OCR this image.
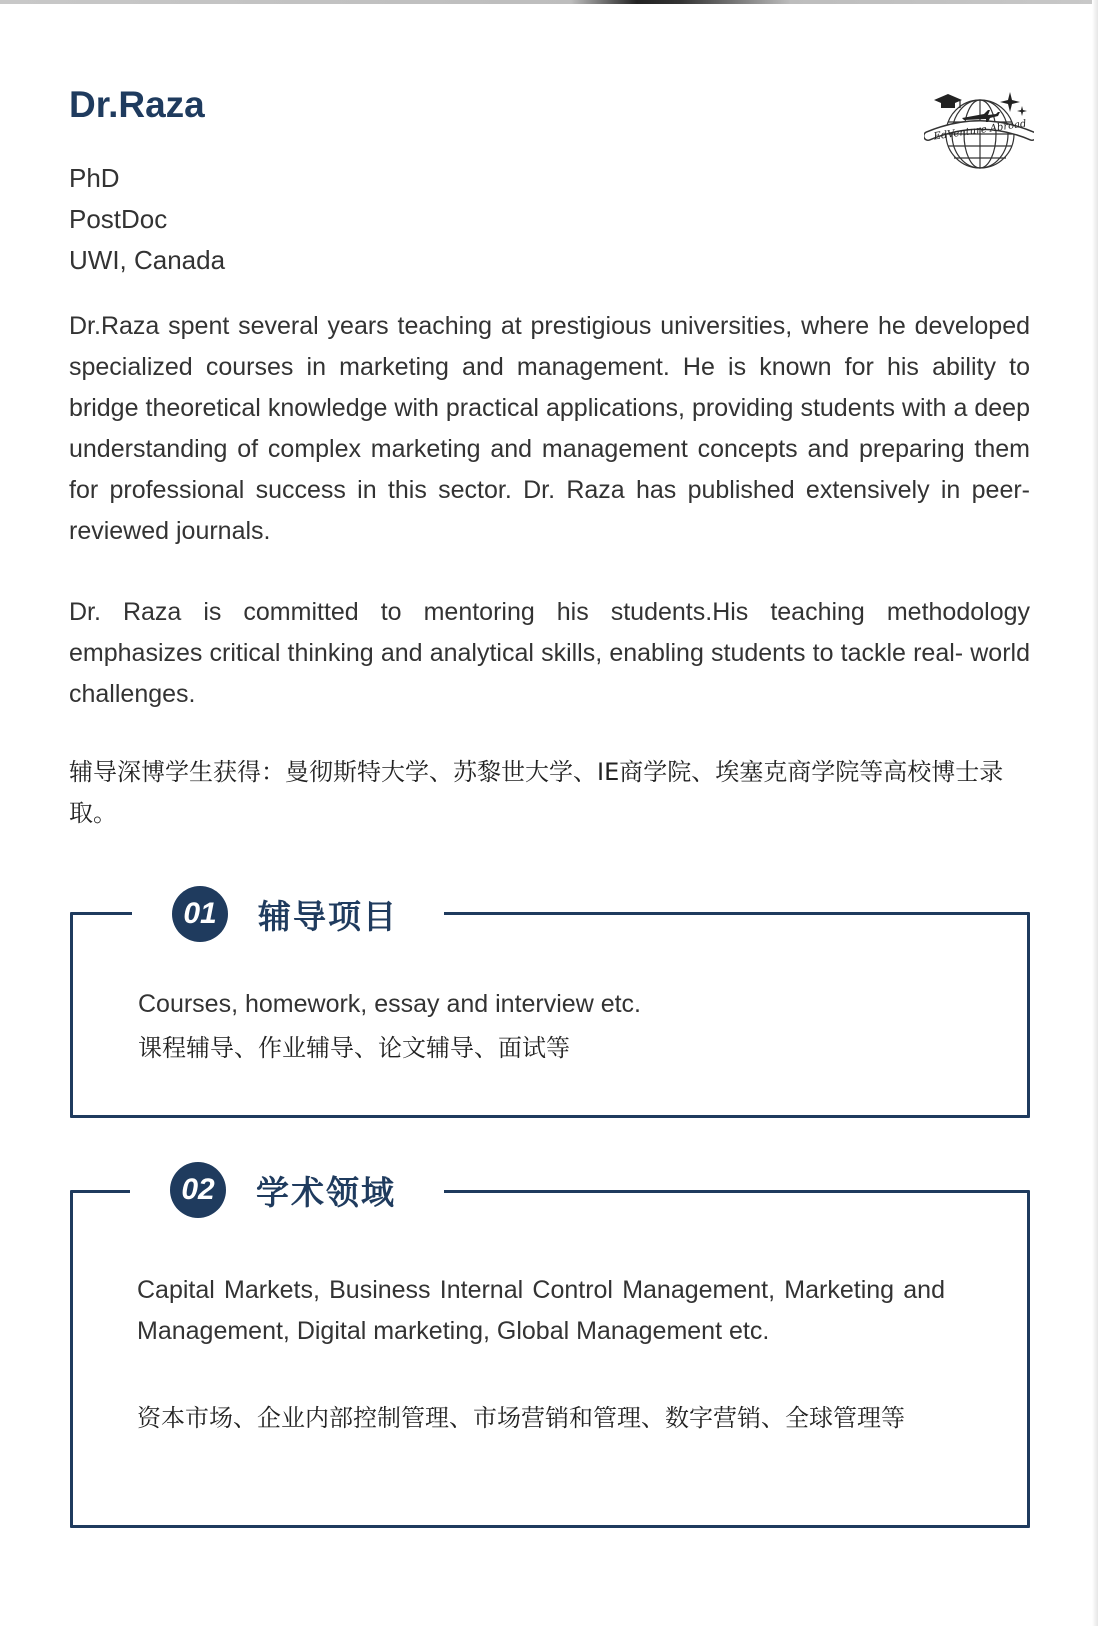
Dr.Raza
PhD
PostDoc
UWI, Canada
EdVenture Abroad
Dr.Raza spent several years teaching at prestigious universities, where he developed specialized courses in marketing and management. He is known for his ability to bridge theoretical knowledge with practical applications, providing students with a deep understanding of complex marketing and management concepts and preparing them for professional success in this sector. Dr. Raza has published extensively in peer-reviewed journals.
Dr. Raza is committed to mentoring his students.His teaching methodology emphasizes critical thinking and analytical skills, enabling students to tackle real- world challenges.
辅导深博学生获得：曼彻斯特大学、苏黎世大学、IE商学院、埃塞克商学院等高校博士录取。
01	辅导项目
Courses, homework, essay and interview etc.
课程辅导、作业辅导、论文辅导、面试等
02	学术领域
Capital Markets, Business Internal Control Management, Marketing and Management, Digital marketing, Global Management etc.
资本市场、企业内部控制管理、市场营销和管理、数字营销、全球管理等
